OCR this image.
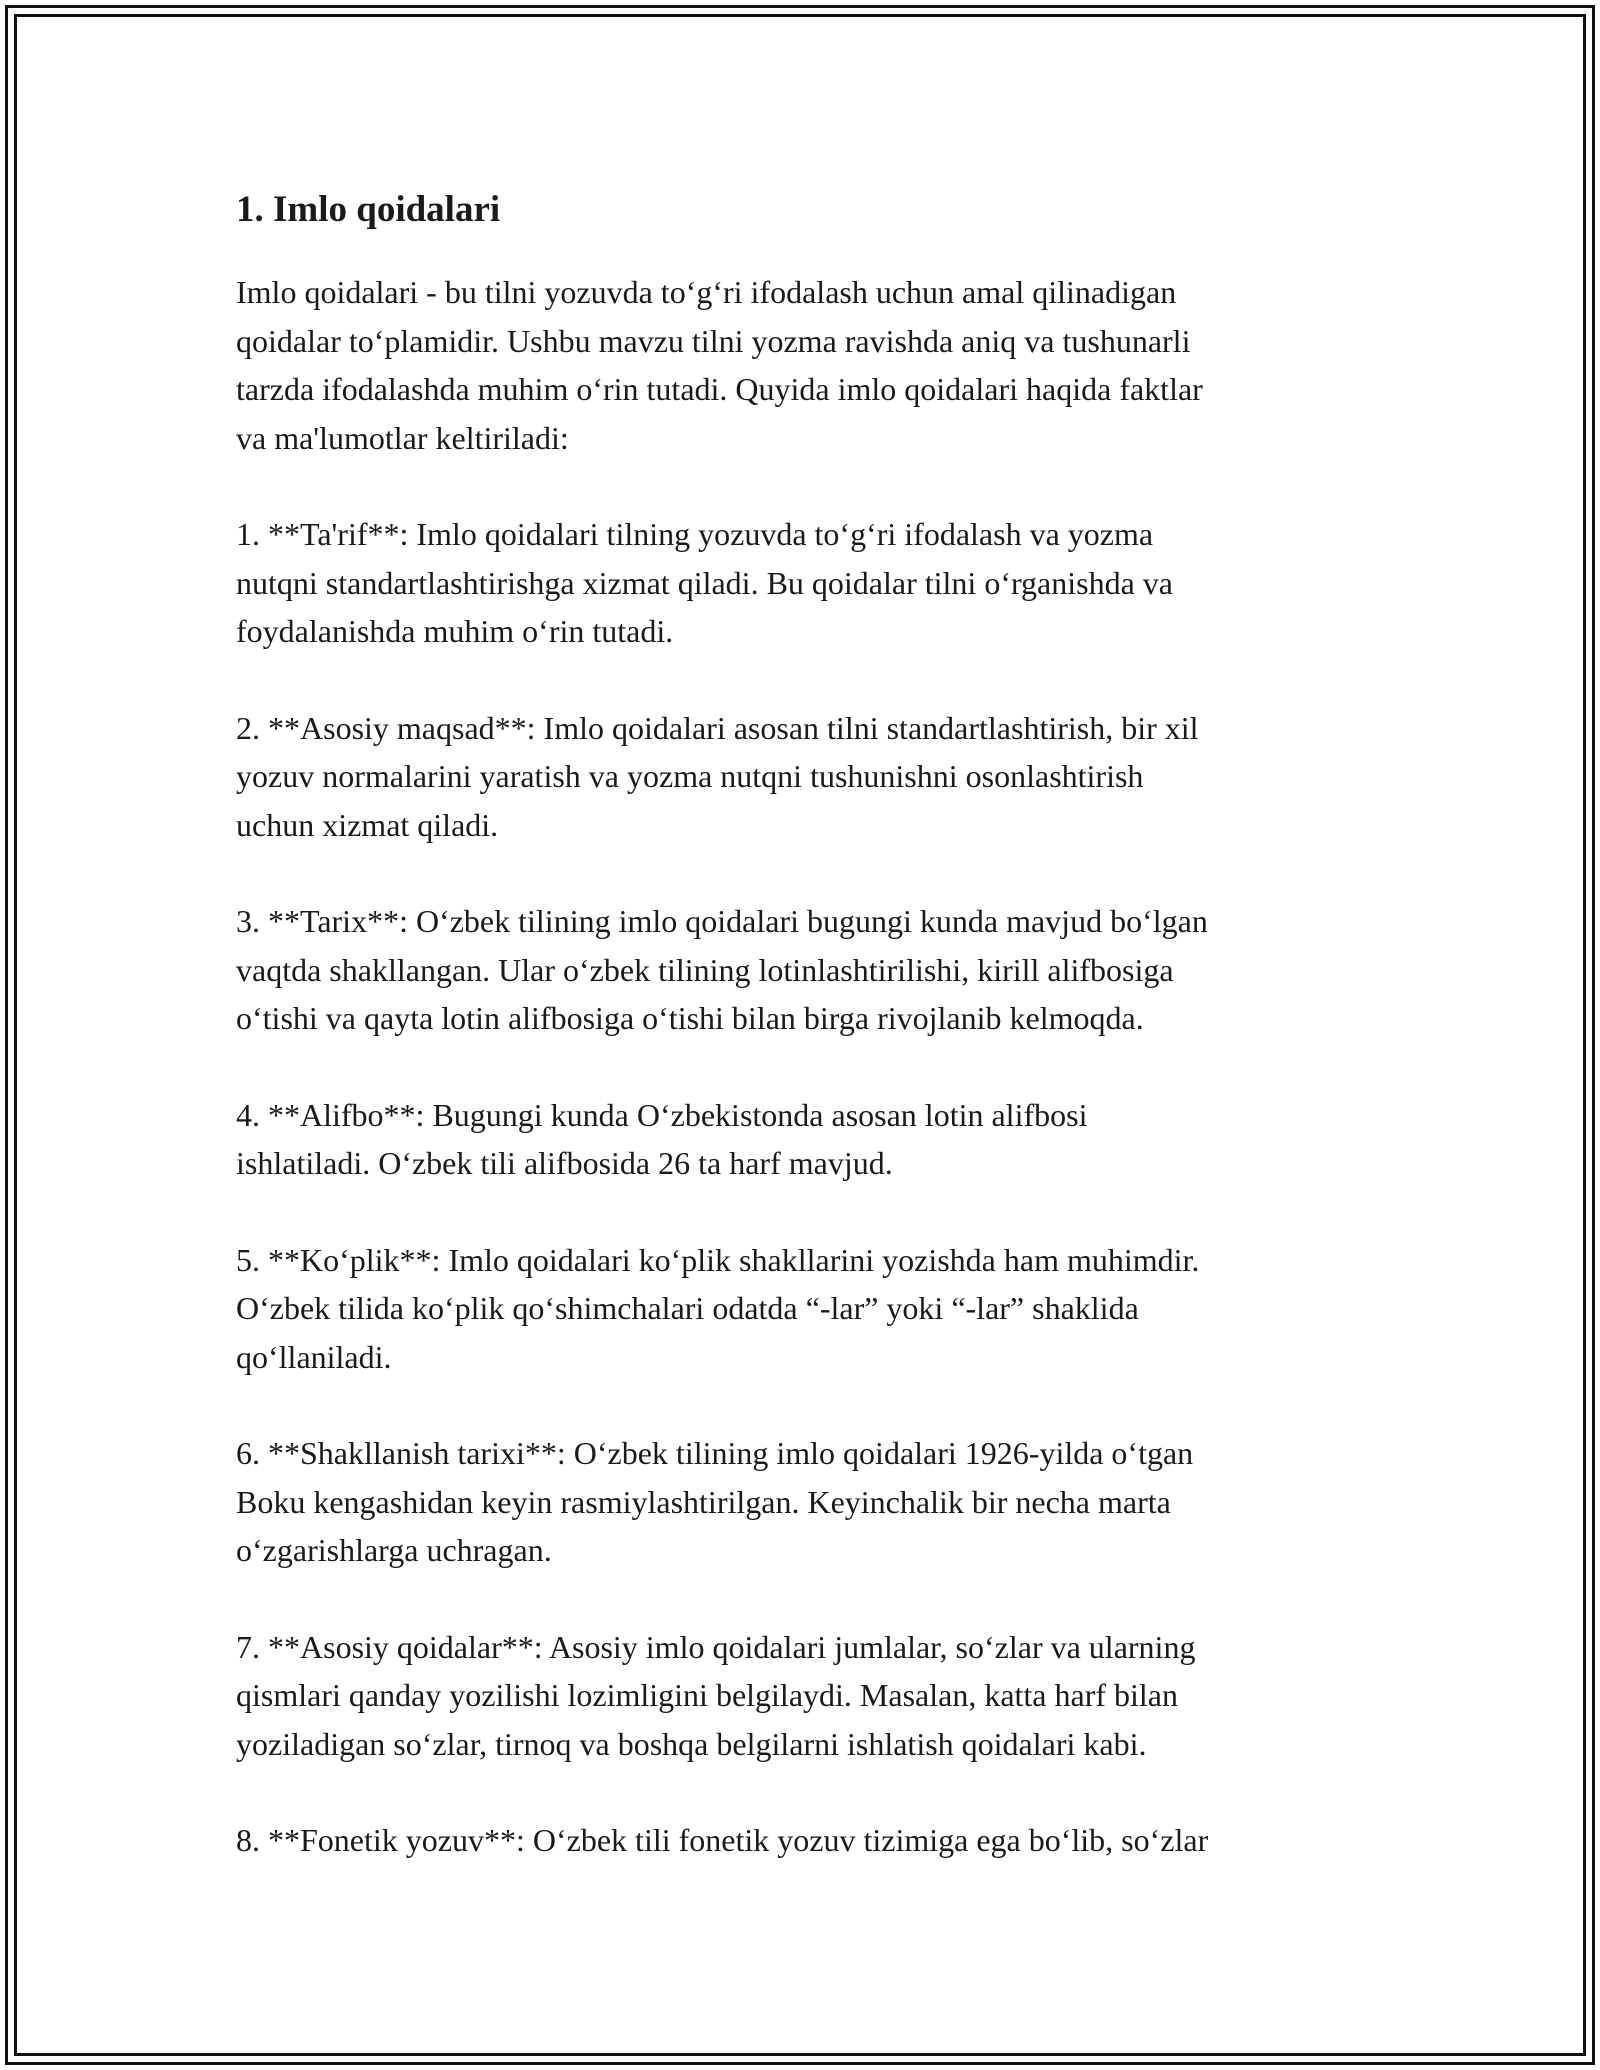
1. Imlo qoidalari

Imlo qoidalari - bu tilni yozuvda to‘g‘ri ifodalash uchun amal qilinadigan
qoidalar to‘plamidir. Ushbu mavzu tilni yozma ravishda aniq va tushunarli
tarzda ifodalashda muhim o‘rin tutadi. Quyida imlo qoidalari haqida faktlar
va ma'lumotlar keltiriladi:

1. **Ta'rif**: Imlo qoidalari tilning yozuvda to‘g‘ri ifodalash va yozma
nutqni standartlashtirishga xizmat qiladi. Bu qoidalar tilni o‘rganishda va
foydalanishda muhim o‘rin tutadi.

2. **Asosiy maqsad**: Imlo qoidalari asosan tilni standartlashtirish, bir xil
yozuv normalarini yaratish va yozma nutqni tushunishni osonlashtirish
uchun xizmat qiladi.

3. **Tarix**: O‘zbek tilining imlo qoidalari bugungi kunda mavjud bo‘lgan
vaqtda shakllangan. Ular o‘zbek tilining lotinlashtirilishi, kirill alifbosiga
o‘tishi va qayta lotin alifbosiga o‘tishi bilan birga rivojlanib kelmoqda.

4. **Alifbo**: Bugungi kunda O‘zbekistonda asosan lotin alifbosi
ishlatiladi. O‘zbek tili alifbosida 26 ta harf mavjud.

5. **Ko‘plik**: Imlo qoidalari ko‘plik shakllarini yozishda ham muhimdir.
O‘zbek tilida ko‘plik qo‘shimchalari odatda “-lar” yoki “-lar” shaklida
qo‘llaniladi.

6. **Shakllanish tarixi**: O‘zbek tilining imlo qoidalari 1926-yilda o‘tgan
Boku kengashidan keyin rasmiylashtirilgan. Keyinchalik bir necha marta
o‘zgarishlarga uchragan.

7. **Asosiy qoidalar**: Asosiy imlo qoidalari jumlalar, so‘zlar va ularning
qismlari qanday yozilishi lozimligini belgilaydi. Masalan, katta harf bilan
yoziladigan so‘zlar, tirnoq va boshqa belgilarni ishlatish qoidalari kabi.

8. **Fonetik yozuv**: O‘zbek tili fonetik yozuv tizimiga ega bo‘lib, so‘zlar
